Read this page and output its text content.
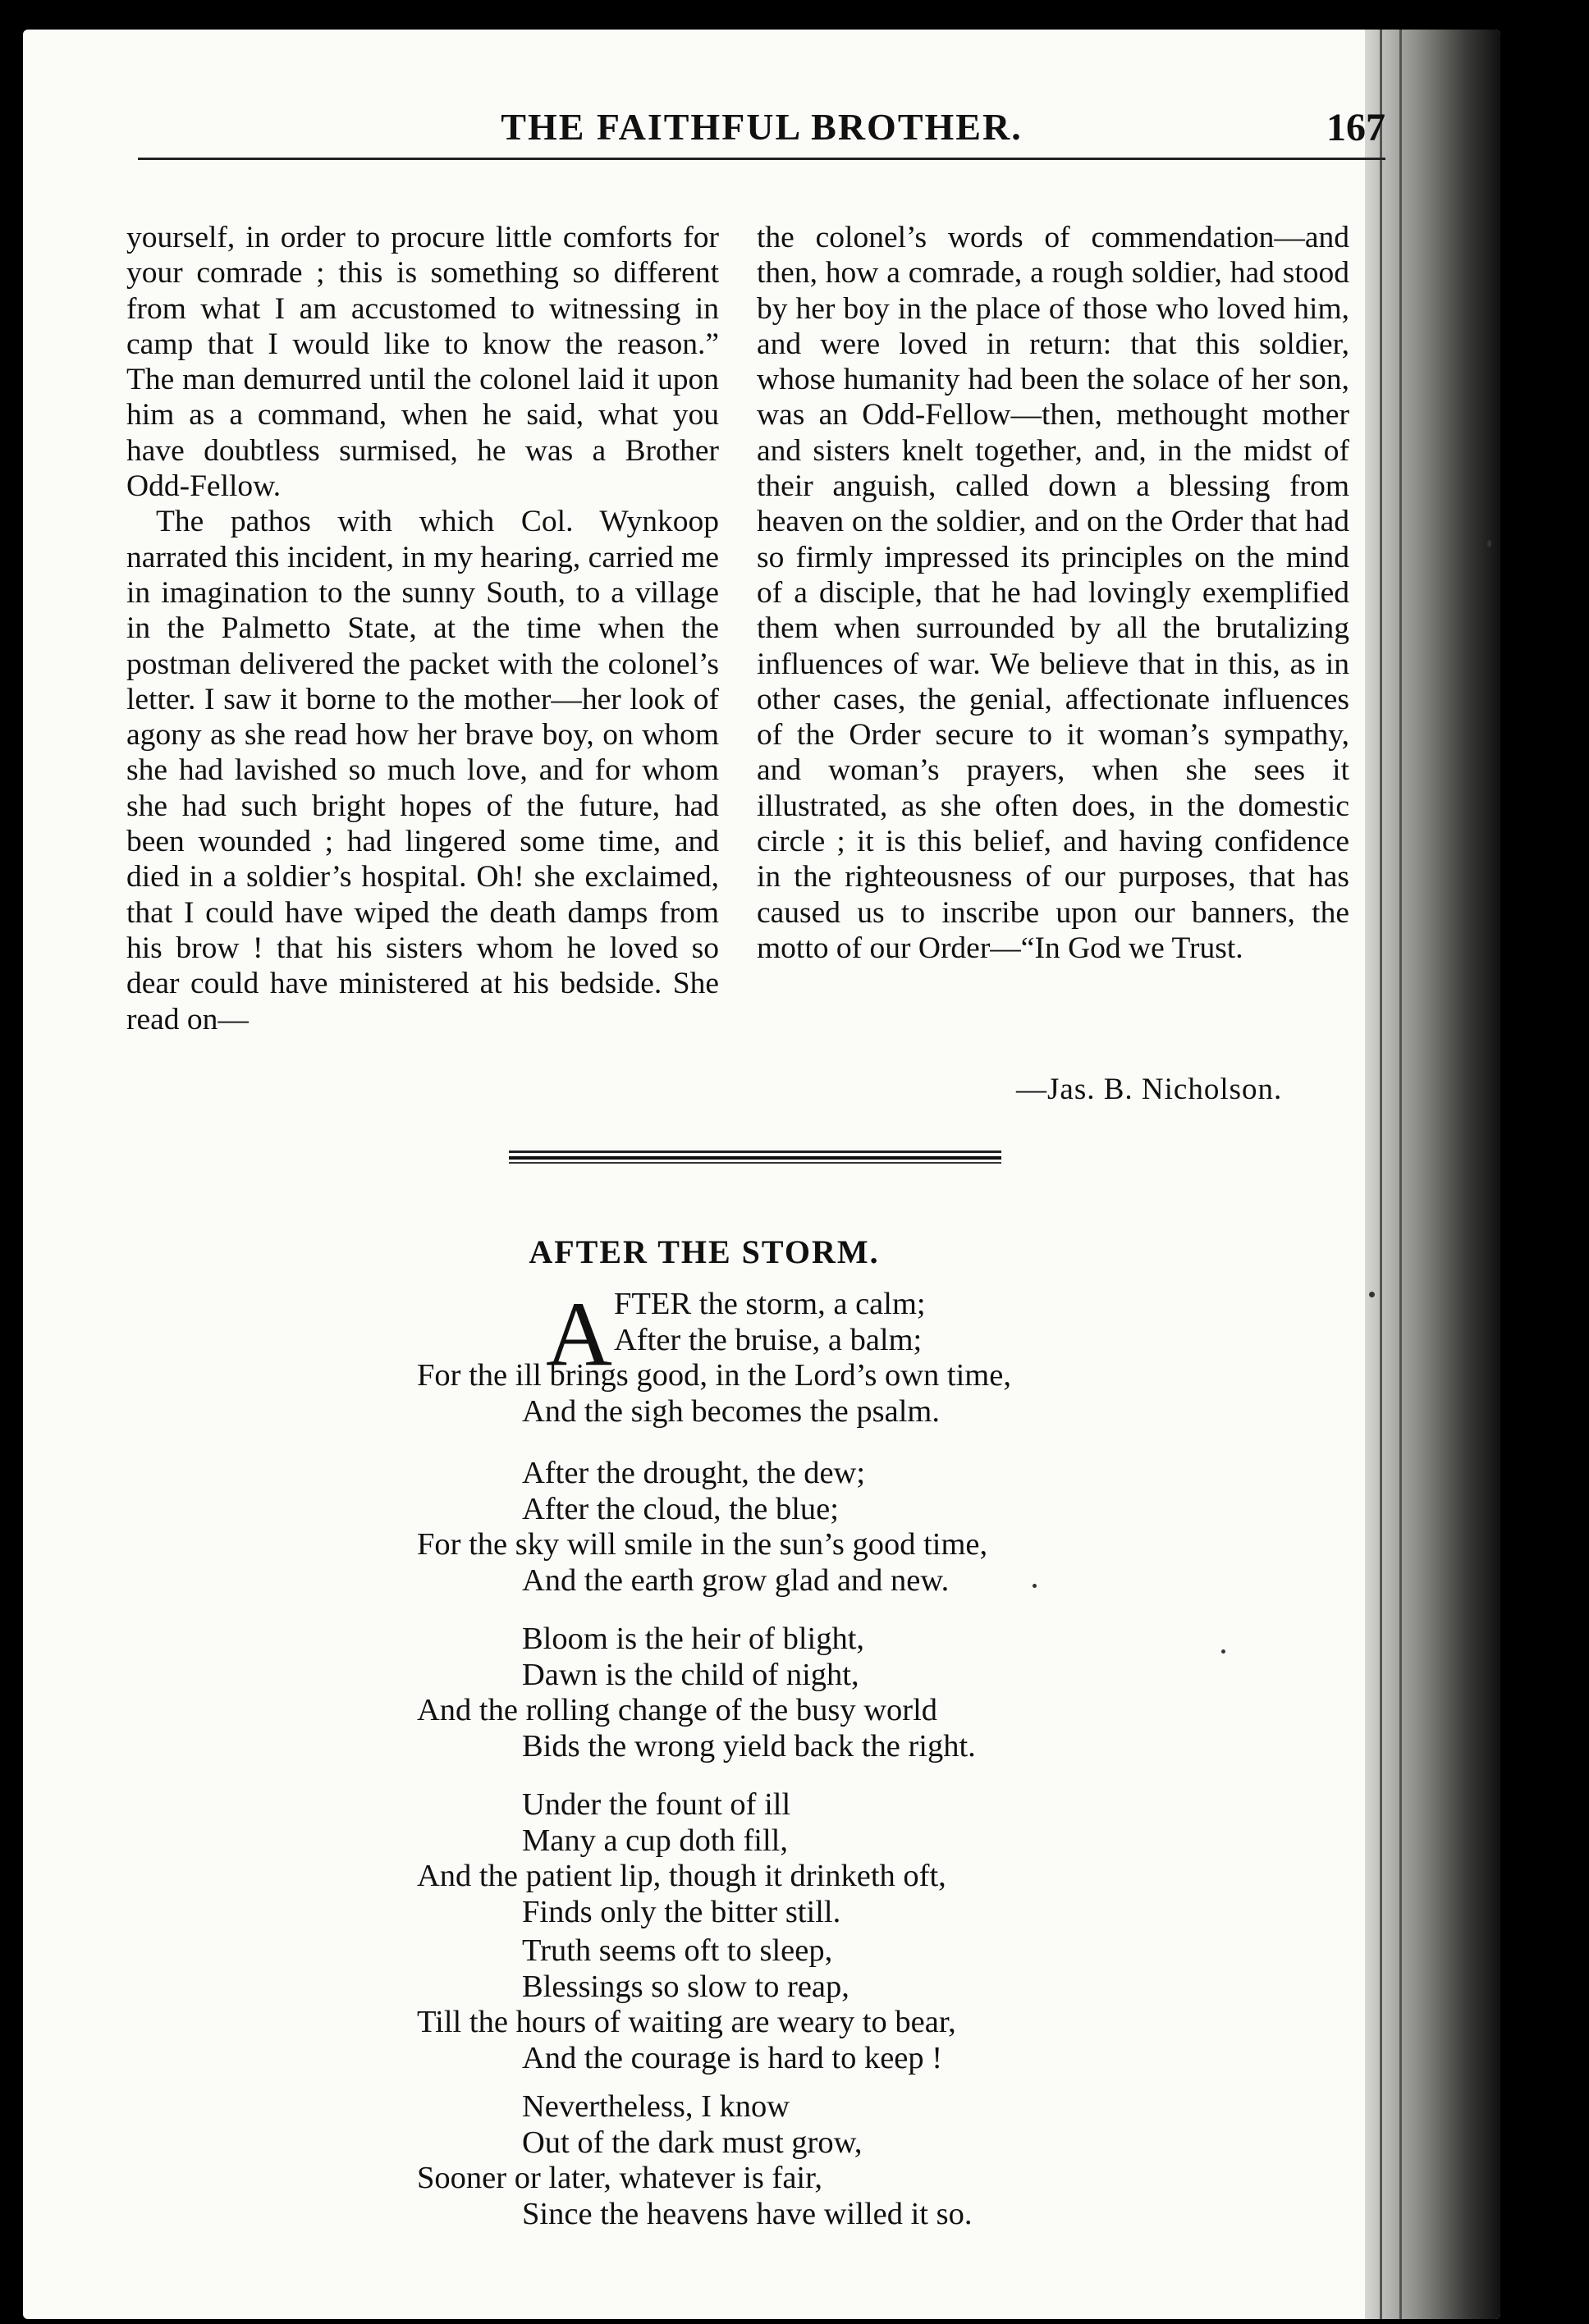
THE FAITHFUL BROTHER.	167

yourself, in order to procure little comforts for your comrade ; this is something so different from what I am accustomed to witnessing in camp that I would like to know the reason.” The man demurred until the colonel laid it upon him as a command, when he said, what you have doubtless surmised, he was a Brother Odd-Fellow.

The pathos with which Col. Wynkoop narrated this incident, in my hearing, carried me in imagination to the sunny South, to a village in the Palmetto State, at the time when the postman delivered the packet with the colonel’s letter. I saw it borne to the mother—her look of agony as she read how her brave boy, on whom she had lavished so much love, and for whom she had such bright hopes of the future, had been wounded ; had lingered some time, and died in a soldier’s hospital. Oh! she exclaimed, that I could have wiped the death damps from his brow ! that his sisters whom he loved so dear could have ministered at his bedside. She read on—

the colonel’s words of commendation—and then, how a comrade, a rough soldier, had stood by her boy in the place of those who loved him, and were loved in return: that this soldier, whose humanity had been the solace of her son, was an Odd-Fellow—then, methought mother and sisters knelt together, and, in the midst of their anguish, called down a blessing from heaven on the soldier, and on the Order that had so firmly impressed its principles on the mind of a disciple, that he had lovingly exemplified them when surrounded by all the brutalizing influences of war. We believe that in this, as in other cases, the genial, affectionate influences of the Order secure to it woman’s sympathy, and woman’s prayers, when she sees it illustrated, as she often does, in the domestic circle ; it is this belief, and having confidence in the righteousness of our purposes, that has caused us to inscribe upon our banners, the motto of our Order—“In God we Trust.

—Jas. B. Nicholson.
AFTER THE STORM.
A FTER the storm, a calm;
After the bruise, a balm;
For the ill brings good, in the Lord’s own time,
And the sigh becomes the psalm.
After the drought, the dew;
After the cloud, the blue;
For the sky will smile in the sun’s good time,
And the earth grow glad and new.
Bloom is the heir of blight,
Dawn is the child of night,
And the rolling change of the busy world
Bids the wrong yield back the right.
Under the fount of ill
Many a cup doth fill,
And the patient lip, though it drinketh oft,
Finds only the bitter still.
Truth seems oft to sleep,
Blessings so slow to reap,
Till the hours of waiting are weary to bear,
And the courage is hard to keep !
Nevertheless, I know
Out of the dark must grow,
Sooner or later, whatever is fair,
Since the heavens have willed it so.
